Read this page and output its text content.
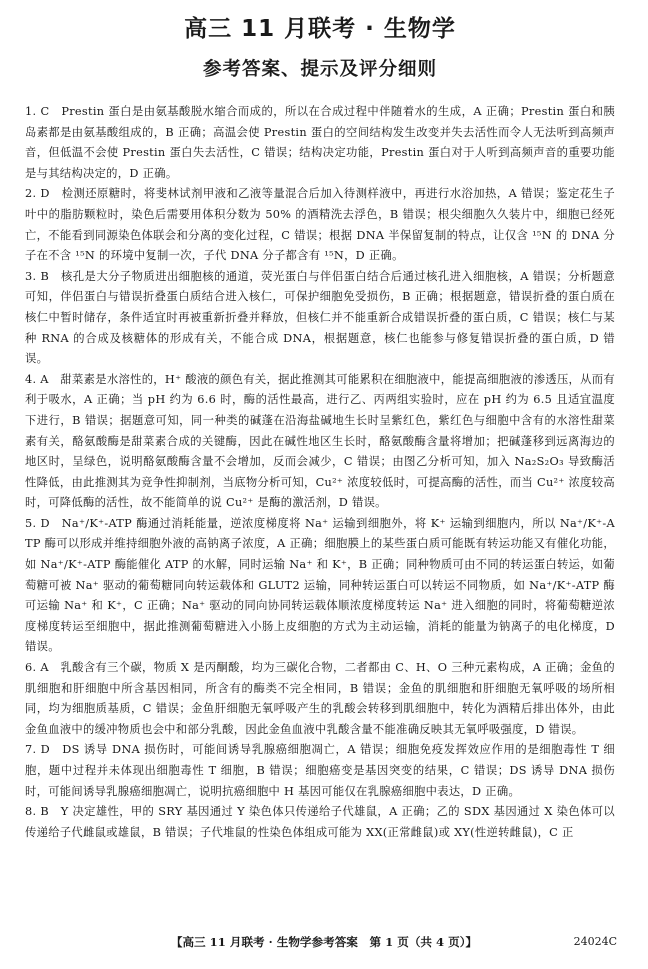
高三 11 月联考 · 生物学
参考答案、提示及评分细则

1. C　Prestin 蛋白是由氨基酸脱水缩合而成的，所以在合成过程中伴随着水的生成，A 正确；Prestin 蛋白和胰岛素都是由氨基酸组成的，B 正确；高温会使 Prestin 蛋白的空间结构发生改变并失去活性而令人无法听到高频声音，但低温不会使 Prestin 蛋白失去活性，C 错误；结构决定功能，Prestin 蛋白对于人听到高频声音的重要功能是与其结构决定的，D 正确。

2. D　检测还原糖时，将斐林试剂甲液和乙液等量混合后加入待测样液中，再进行水浴加热，A 错误；鉴定花生子叶中的脂肪颗粒时，染色后需要用体积分数为 50% 的酒精洗去浮色，B 错误；根尖细胞久久装片中，细胞已经死亡，不能看到同源染色体联会和分离的变化过程，C 错误；根据 DNA 半保留复制的特点，让仅含 ¹⁵N 的 DNA 分子在不含 ¹⁵N 的环境中复制一次，子代 DNA 分子都含有 ¹⁵N，D 正确。

3. B　核孔是大分子物质进出细胞核的通道，荧光蛋白与伴侣蛋白结合后通过核孔进入细胞核，A 错误；分析题意可知，伴侣蛋白与错误折叠蛋白质结合进入核仁，可保护细胞免受损伤，B 正确；根据题意，错误折叠的蛋白质在核仁中暂时储存，条件适宜时再被重新折叠并释放，但核仁并不能重新合成错误折叠的蛋白质，C 错误；核仁与某种 RNA 的合成及核糖体的形成有关，不能合成 DNA，根据题意，核仁也能参与修复错误折叠的蛋白质，D 错误。

4. A　甜菜素是水溶性的，H⁺ 酸液的颜色有关，据此推测其可能累积在细胞液中，能提高细胞液的渗透压，从而有利于吸水，A 正确；当 pH 约为 6.6 时，酶的活性最高，进行乙、丙两组实验时，应在 pH 约为 6.5 且适宜温度下进行，B 错误；据题意可知，同一种类的碱蓬在沿海盐碱地生长时呈紫红色，紫红色与细胞中含有的水溶性甜菜素有关，酪氨酸酶是甜菜素合成的关键酶，因此在碱性地区生长时，酪氨酸酶含量将增加；把碱蓬移到远离海边的地区时，呈绿色，说明酪氨酸酶含量不会增加，反而会减少，C 错误；由图乙分析可知，加入 Na₂S₂O₃ 导致酶活性降低，由此推测其为竞争性抑制剂，当底物分析可知，Cu²⁺ 浓度较低时，可提高酶的活性，而当 Cu²⁺ 浓度较高时，可降低酶的活性，故不能简单的说 Cu²⁺ 是酶的激活剂，D 错误。

5. D　Na⁺/K⁺-ATP 酶通过消耗能量，逆浓度梯度将 Na⁺ 运输到细胞外，将 K⁺ 运输到细胞内，所以 Na⁺/K⁺-ATP 酶可以形成并维持细胞外液的高钠离子浓度，A 正确；细胞膜上的某些蛋白质可能既有转运功能又有催化功能，如 Na⁺/K⁺-ATP 酶能催化 ATP 的水解，同时运输 Na⁺ 和 K⁺，B 正确；同种物质可由不同的转运蛋白转运，如葡萄糖可被 Na⁺ 驱动的葡萄糖同向转运载体和 GLUT2 运输，同种转运蛋白可以转运不同物质，如 Na⁺/K⁺-ATP 酶可运输 Na⁺ 和 K⁺，C 正确；Na⁺ 驱动的同向协同转运载体顺浓度梯度转运 Na⁺ 进入细胞的同时，将葡萄糖逆浓度梯度转运至细胞中，据此推测葡萄糖进入小肠上皮细胞的方式为主动运输，消耗的能量为钠离子的电化梯度，D 错误。

6. A　乳酸含有三个碳，物质 X 是丙酮酸，均为三碳化合物，二者都由 C、H、O 三种元素构成，A 正确；金鱼的肌细胞和肝细胞中所含基因相同，所含有的酶类不完全相同，B 错误；金鱼的肌细胞和肝细胞无氧呼吸的场所相同，均为细胞质基质，C 错误；金鱼肝细胞无氧呼吸产生的乳酸会转移到肌细胞中，转化为酒精后排出体外，由此金鱼血液中的缓冲物质也会中和部分乳酸，因此金鱼血液中乳酸含量不能准确反映其无氧呼吸强度，D 错误。

7. D　DS 诱导 DNA 损伤时，可能间诱导乳腺癌细胞凋亡，A 错误；细胞免疫发挥效应作用的是细胞毒性 T 细胞，题中过程并未体现出细胞毒性 T 细胞，B 错误；细胞癌变是基因突变的结果，C 错误；DS 诱导 DNA 损伤时，可能间诱导乳腺癌细胞凋亡，说明抗癌细胞中 H 基因可能仅在乳腺癌细胞中表达，D 正确。

8. B　Y 决定雄性，甲的 SRY 基因通过 Y 染色体只传递给子代雄鼠，A 正确；乙的 SDX 基因通过 X 染色体可以传递给子代雌鼠或雄鼠，B 错误；子代堆鼠的性染色体组成可能为 XX(正常雌鼠)或 XY(性逆转雌鼠)，C 正

【高三 11 月联考 · 生物学参考答案　第 1 页（共 4 页）】	24024C
